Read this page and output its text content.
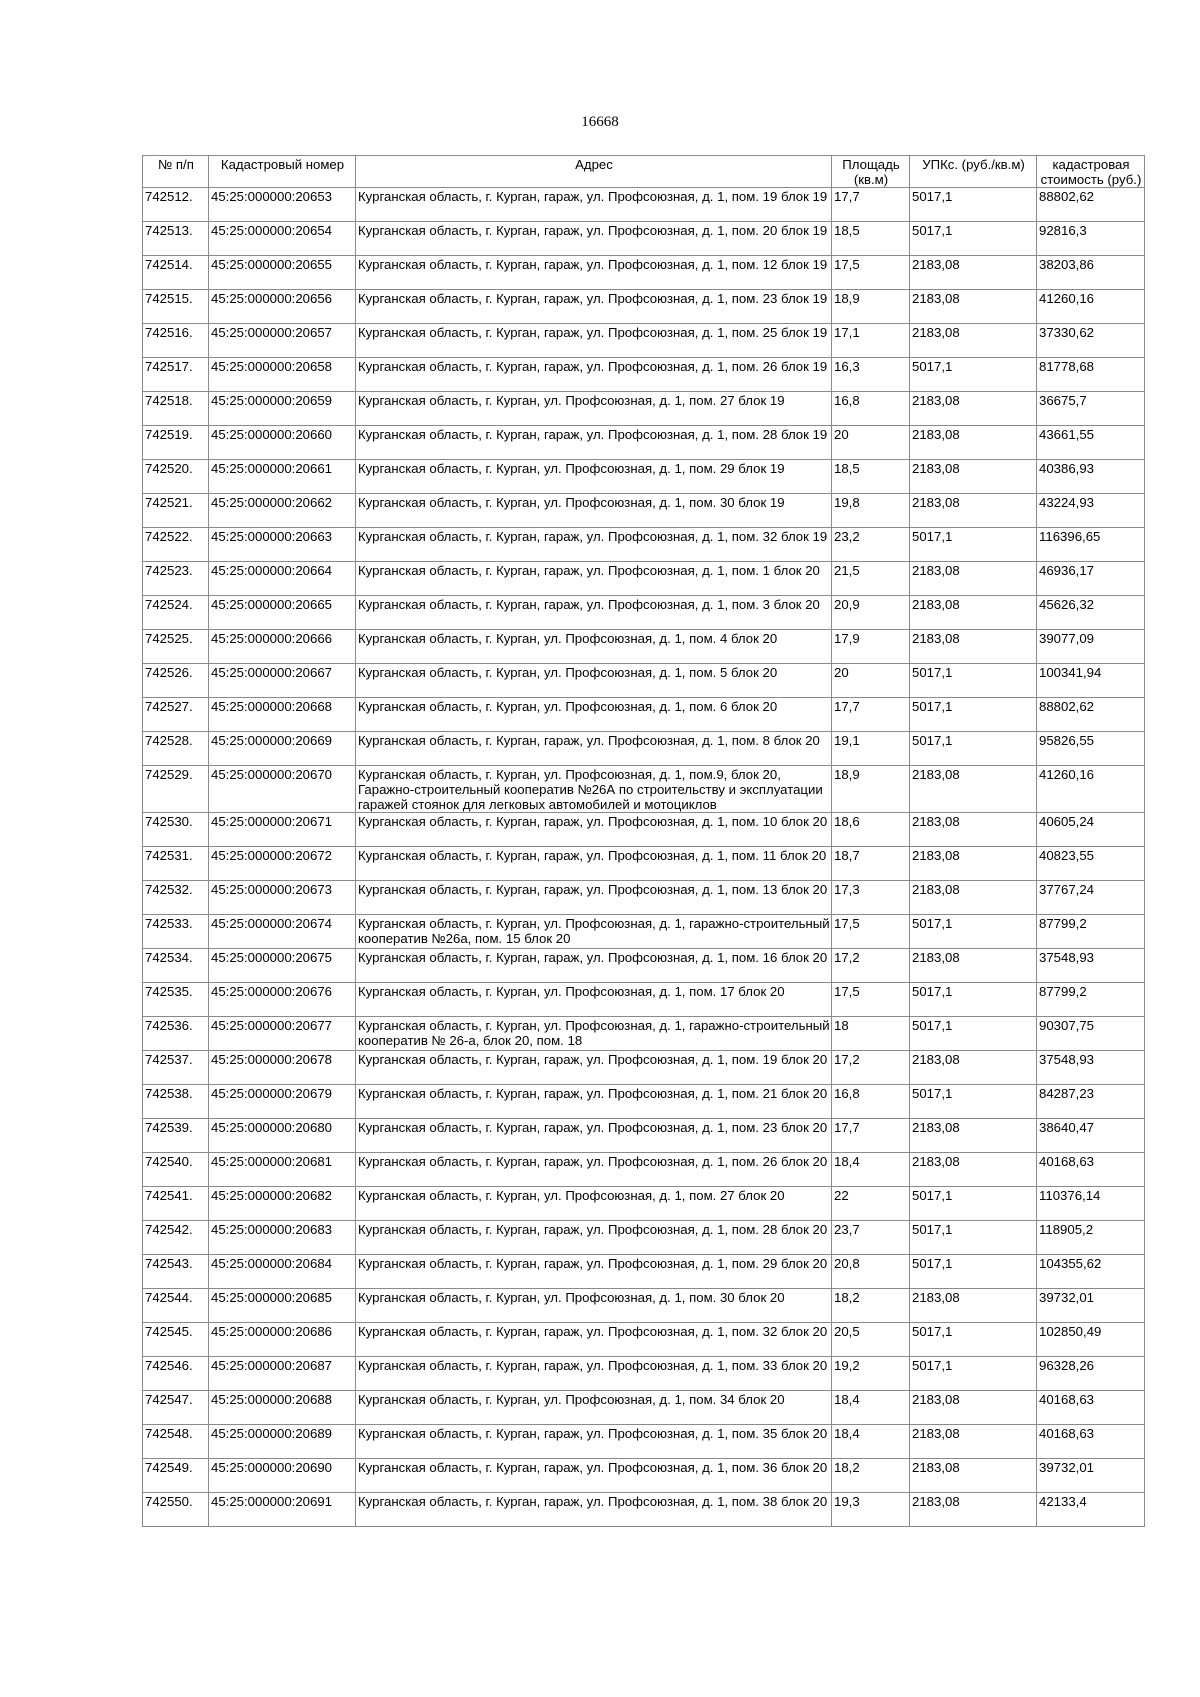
16668
№ п/п	Кадастровый номер	Адрес	Площадь (кв.м)	УПКс. (руб./кв.м)	кадастровая стоимость (руб.)
742512.	45:25:000000:20653	Курганская область, г. Курган, гараж, ул. Профсоюзная, д. 1, пом. 19 блок 19	17,7	5017,1	88802,62
742513.	45:25:000000:20654	Курганская область, г. Курган, гараж, ул. Профсоюзная, д. 1, пом. 20 блок 19	18,5	5017,1	92816,3
742514.	45:25:000000:20655	Курганская область, г. Курган, гараж, ул. Профсоюзная, д. 1, пом. 12 блок 19	17,5	2183,08	38203,86
742515.	45:25:000000:20656	Курганская область, г. Курган, гараж, ул. Профсоюзная, д. 1, пом. 23 блок 19	18,9	2183,08	41260,16
742516.	45:25:000000:20657	Курганская область, г. Курган, гараж, ул. Профсоюзная, д. 1, пом. 25 блок 19	17,1	2183,08	37330,62
742517.	45:25:000000:20658	Курганская область, г. Курган, гараж, ул. Профсоюзная, д. 1, пом. 26 блок 19	16,3	5017,1	81778,68
742518.	45:25:000000:20659	Курганская область, г. Курган, ул. Профсоюзная, д. 1, пом. 27 блок 19	16,8	2183,08	36675,7
742519.	45:25:000000:20660	Курганская область, г. Курган, гараж, ул. Профсоюзная, д. 1, пом. 28 блок 19	20	2183,08	43661,55
742520.	45:25:000000:20661	Курганская область, г. Курган, ул. Профсоюзная, д. 1, пом. 29 блок 19	18,5	2183,08	40386,93
742521.	45:25:000000:20662	Курганская область, г. Курган, ул. Профсоюзная, д. 1, пом. 30 блок 19	19,8	2183,08	43224,93
742522.	45:25:000000:20663	Курганская область, г. Курган, гараж, ул. Профсоюзная, д. 1, пом. 32 блок 19	23,2	5017,1	116396,65
742523.	45:25:000000:20664	Курганская область, г. Курган, гараж, ул. Профсоюзная, д. 1, пом. 1 блок 20	21,5	2183,08	46936,17
742524.	45:25:000000:20665	Курганская область, г. Курган, гараж, ул. Профсоюзная, д. 1, пом. 3 блок 20	20,9	2183,08	45626,32
742525.	45:25:000000:20666	Курганская область, г. Курган, ул. Профсоюзная, д. 1, пом. 4 блок 20	17,9	2183,08	39077,09
742526.	45:25:000000:20667	Курганская область, г. Курган, ул. Профсоюзная, д. 1, пом. 5 блок 20	20	5017,1	100341,94
742527.	45:25:000000:20668	Курганская область, г. Курган, ул. Профсоюзная, д. 1, пом. 6 блок 20	17,7	5017,1	88802,62
742528.	45:25:000000:20669	Курганская область, г. Курган, гараж, ул. Профсоюзная, д. 1, пом. 8 блок 20	19,1	5017,1	95826,55
742529.	45:25:000000:20670	Курганская область, г. Курган, ул. Профсоюзная, д. 1, пом.9, блок 20, Гаражно-строительный кооператив №26А по строительству и эксплуатации гаражей стоянок для легковых автомобилей и мотоциклов	18,9	2183,08	41260,16
742530.	45:25:000000:20671	Курганская область, г. Курган, гараж, ул. Профсоюзная, д. 1, пом. 10 блок 20	18,6	2183,08	40605,24
742531.	45:25:000000:20672	Курганская область, г. Курган, гараж, ул. Профсоюзная, д. 1, пом. 11 блок 20	18,7	2183,08	40823,55
742532.	45:25:000000:20673	Курганская область, г. Курган, гараж, ул. Профсоюзная, д. 1, пом. 13 блок 20	17,3	2183,08	37767,24
742533.	45:25:000000:20674	Курганская область, г. Курган, ул. Профсоюзная, д. 1, гаражно-строительный кооператив №26а, пом. 15 блок 20	17,5	5017,1	87799,2
742534.	45:25:000000:20675	Курганская область, г. Курган, гараж, ул. Профсоюзная, д. 1, пом. 16 блок 20	17,2	2183,08	37548,93
742535.	45:25:000000:20676	Курганская область, г. Курган, ул. Профсоюзная, д. 1, пом. 17 блок 20	17,5	5017,1	87799,2
742536.	45:25:000000:20677	Курганская область, г. Курган, ул. Профсоюзная, д. 1, гаражно-строительный кооператив № 26-а, блок 20, пом. 18	18	5017,1	90307,75
742537.	45:25:000000:20678	Курганская область, г. Курган, гараж, ул. Профсоюзная, д. 1, пом. 19 блок 20	17,2	2183,08	37548,93
742538.	45:25:000000:20679	Курганская область, г. Курган, гараж, ул. Профсоюзная, д. 1, пом. 21 блок 20	16,8	5017,1	84287,23
742539.	45:25:000000:20680	Курганская область, г. Курган, гараж, ул. Профсоюзная, д. 1, пом. 23 блок 20	17,7	2183,08	38640,47
742540.	45:25:000000:20681	Курганская область, г. Курган, гараж, ул. Профсоюзная, д. 1, пом. 26 блок 20	18,4	2183,08	40168,63
742541.	45:25:000000:20682	Курганская область, г. Курган, ул. Профсоюзная, д. 1, пом. 27 блок 20	22	5017,1	110376,14
742542.	45:25:000000:20683	Курганская область, г. Курган, гараж, ул. Профсоюзная, д. 1, пом. 28 блок 20	23,7	5017,1	118905,2
742543.	45:25:000000:20684	Курганская область, г. Курган, гараж, ул. Профсоюзная, д. 1, пом. 29 блок 20	20,8	5017,1	104355,62
742544.	45:25:000000:20685	Курганская область, г. Курган, ул. Профсоюзная, д. 1, пом. 30 блок 20	18,2	2183,08	39732,01
742545.	45:25:000000:20686	Курганская область, г. Курган, гараж, ул. Профсоюзная, д. 1, пом. 32 блок 20	20,5	5017,1	102850,49
742546.	45:25:000000:20687	Курганская область, г. Курган, гараж, ул. Профсоюзная, д. 1, пом. 33 блок 20	19,2	5017,1	96328,26
742547.	45:25:000000:20688	Курганская область, г. Курган, ул. Профсоюзная, д. 1, пом. 34 блок 20	18,4	2183,08	40168,63
742548.	45:25:000000:20689	Курганская область, г. Курган, гараж, ул. Профсоюзная, д. 1, пом. 35 блок 20	18,4	2183,08	40168,63
742549.	45:25:000000:20690	Курганская область, г. Курган, гараж, ул. Профсоюзная, д. 1, пом. 36 блок 20	18,2	2183,08	39732,01
742550.	45:25:000000:20691	Курганская область, г. Курган, гараж, ул. Профсоюзная, д. 1, пом. 38 блок 20	19,3	2183,08	42133,4
